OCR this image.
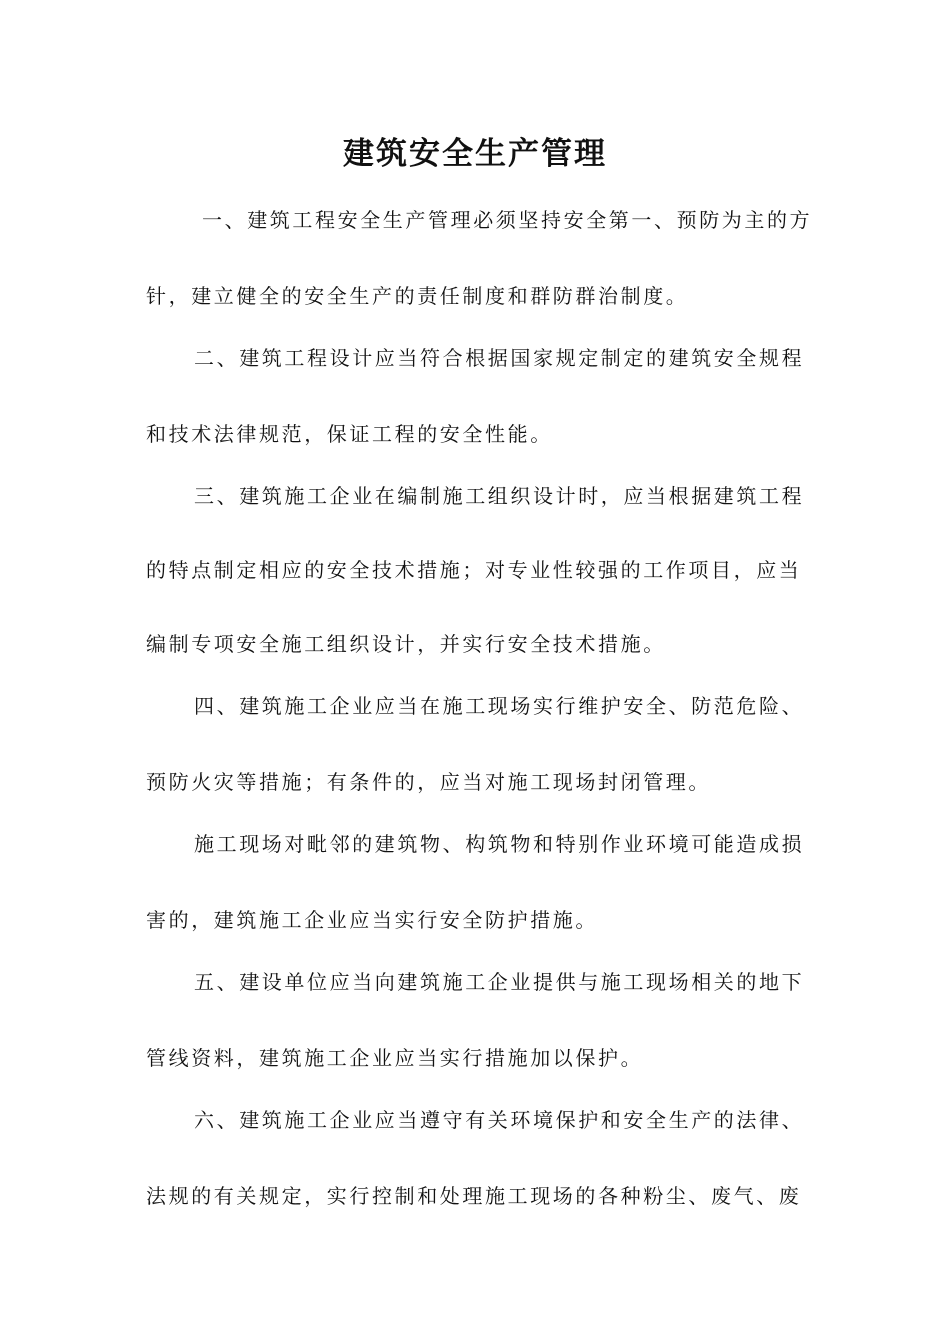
建筑安全生产管理
一、建筑工程安全生产管理必须坚持安全第一、预防为主的方
针，建立健全的安全生产的责任制度和群防群治制度。
二、建筑工程设计应当符合根据国家规定制定的建筑安全规程
和技术法律规范，保证工程的安全性能。
三、建筑施工企业在编制施工组织设计时，应当根据建筑工程
的特点制定相应的安全技术措施；对专业性较强的工作项目，应当
编制专项安全施工组织设计，并实行安全技术措施。
四、建筑施工企业应当在施工现场实行维护安全、防范危险、
预防火灾等措施；有条件的，应当对施工现场封闭管理。
施工现场对毗邻的建筑物、构筑物和特别作业环境可能造成损
害的，建筑施工企业应当实行安全防护措施。
五、建设单位应当向建筑施工企业提供与施工现场相关的地下
管线资料，建筑施工企业应当实行措施加以保护。
六、建筑施工企业应当遵守有关环境保护和安全生产的法律、
法规的有关规定，实行控制和处理施工现场的各种粉尘、废气、废
